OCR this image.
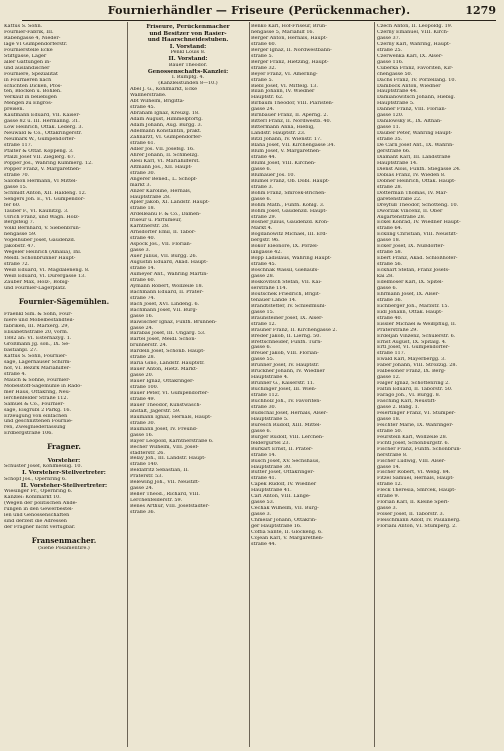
Fournierhändler — Friseure (Perückenmacher).	1279

Kattus S. Sohn.

Fournier-Fabrik, III.

Rabengasse 4, Nieder-

lage VI Gumpendorferstr.

Fournierstelle Ecke

Stiftgasse, Lager

aller Gattungen in-

und ausländischer

Fourniere, Spezialität

in Fournieren nach

schichten Dicken, Pfos-

ten, Blöcken u. Bohlen.

Verkauf in beliebigen

Mengen zu Engros-

preisen.

Kaufmann Eduard, VII. Kaiser-

gasse 82 u. III. Hermanng. 31.

Löw Heinrich, Ottak. Lederg. 3.

Neuwald & Co., Ottakringerstr.

Neumark W., Gumpendorfer-

straße 117.

Pfalter & Ottaf. Koppeng. 3.

Pfalzl Josef VII. Zieglerg. 67.

Popper Jos., Währing Kummerg. 12.

Popper Franz, V. Margarethen-

straße 70.

Salomon Hermann, VI Mittel-

gasse 15.

Schmidt Anton, XII. Haldeng. 12.

Sengers Joh. E., VI. Gumpendor-

fer 60.

Tauber F., VI. Kaunitzg. 3.

Ulrich Franz, und Wagn. Holz-

Bergsteig 7.

Völkl Bernhard, V. Siebenbrun-

nengasse 59.

Vogelhuber Josef, Gaudenzd.

Jakobstr. 47.

Wegeler Heinrich (Amalia), Ihl.

Meidl. Schönbrunner Haupt-

straße 72.

Weiß Eduard, VI. Magdaleneng. 8.

Weiß Eduard, VI. Dürergasse 13.

Zauber Max, Holz-, Böbig-

und Fournier-Lagerplatz.

Fournier-Sägemühlen.

Fraenkl Sim. & Sohn, Four-

niere und Möbelbestandteil-

fabriken, III. Marxerg. 29,

Elisabethstraße 20, vorm.

1882 an: VI. Esterházyg. 1.

Großmann Jg. son., IX. Se-

bastianpl. 27.

Kattus S. Sohn, Fournier-

säge, Lagerhäuser Schirm-

hof, VI. Bezirk Mariahilfer-

straße 4.

Mauch & Söhne, Fournier-

Möbelstoff-Sägemühle in Rado-

mer Haus, Ottakring, Neu-

lerchenfelder Straße 112.

Samuel & Co., Fournier-

säge, Eisgrübl 2 Parkg. 16.

Erzeugung von einfachen

und geschnittenen Fournie-

ren, Zweigniederlassung

Erdbergstraße 106.

Fragner.

Vorsteher:

Schuster Josef, Kohlmessig. 10.

I. Vorsteher-Stellvertreter:

Schöpf Jos., Opernring 6.

II. Vorsteher-Stellvertreter:

Wiesinger Fr., Opernring 6.

Kanzlei: Kohlmarkt 10.

(Wegen der politischen Ände-

rungen in den Gewerbestel-

len und Genossenschaften

sind derzeit die Adressen

der Fragner nicht verfügbar.

Fransenmacher.

(Siehe Posamentire.)

Friseure, Perückenmacher

und Besitzer von Rasier-

und Haarschneidestuben.

I. Vorstand:

Penkl Louis 8.

II. Vorstand:

Bauer Theodor.

Genossenschafts-Kanzlei:

I. Rumpfg. 4.

(Kanzleistunden 8—10.)

Abel J. G., Kohlmarkt, Ecke

Wallnerstraße.

Abt Wilhelm, Brigitta-

straße 45.

Abraham Ignaz, Kreuzg. 18.

Adam August, Himmelpfortg.

Adam Johann, Aug. Burgg. 3.

Adelmann Konstantin, prakt.

Zahnarzt, VI. Gumpendorfer-

straße 61.

Adler Jos. VII. Josefsg. 16.

Ahrer Johann, II. Schmelzg.

Alesi Karl, VI. Mariahilferst.

Altmann Jos., XII. Haupt-

straße 30.

Angerer Bened., L. Schöpf-

markt 3.

Anzer Karoline, Hernals,

Hauptstraße 28.

Apler Jakob, XI. Landstr. Haupt-

straße 18.

Ardelleanu F. & Co., Damen-

friseur u. Parfümeur,

Kärntnerstr. 28.

Arnsdorfer Emil, II. Tabor-

straße 40.

Aspöck Jos., VII. Florian-

gasse 3.

Auer Julius, VII. Burgg. 26.

Augustin Eduard, Akad. Haupt-

straße 14.

Aumeyer Ant., Währing Martin-

straße 60.

Aymann Robert, Wollzeile 18.

Bachmann Eduard, II. Prater-

straße 74.

Bach Josef, XVI. Lindeng. 6.

Bachmann Josef, VII. Burg-

gasse 16.

Baiwischer Ignaz, Fünfh. Brunnen-

gasse 24.

Barabás Josef, III. Ungarg. 53.

Bartel Josef, Meidl. Schön-

brunnerstr. 24.

Bardelli Josef, Schönb. Haupt-

straße 28.

Baria Gino, Landstr. Hauptstr.

Bauer Anton, Hietz. Markt-

gasse 20.

Bauer Ignaz, Ottakringer-

straße 100.

Bauer Peter, VI. Gumpendorfer-

straße 49.

Bauer Theodor, Kunstwasch-

anstalt, Jägerstr. 59.

Baumann Ignaz, Hernals, Haupt-

straße 30.

Baumann Josef, IV. Freund-

gasse 16.

Bayer Leopold, Kärntnerstraße 6.

Becher Wilhelm, VIII. Josef-

städterstr. 26.

Belay Joh., III. Landstr. Haupt-

straße 140.

Beldafritz Sebastian, II.

Praterstr. 53.

Belewing Joh., VII. Neustift-

gasse 24.

Beller Theod., Richard, VIII.

Lerchenfelderstr. 59.

Benes Arthur, VIII. Josefstädter-

straße 36.

Benko Karl, Hof-Friseur, Brun-

nengasse 5, Mariahilf 16.

Berger Anton, Hernals, Haupt-

straße 60.

Berger Ignaz, II. Nordwestbahn-

straße 5.

Berger Franz, Hietzing, Haupt-

straße 32.

Beyer Franz, VI. Amerling-

straße 5.

Biebl Josef, VI. Mittelg. 13.

Bilan Johann, IV. Wiedner

Hauptstr. 62.

Birbaum Theodor, VIII. Piaristen-

gasse 24.

Birnbauer Franz, II. Aperng. 2.

Bitterl Franz, II. Nordwestb. 40.

Bittermann Anna, Hiebig,

Landstr. Hauptstr. 23.

Bitzl Johann, IV. Wienstr. 17.

Blaha Josef, VII. Kirchengasse 34.

Blum Josef, V. Margarethen-

straße 44.

Bluml Josef, VIII. Kirchen-

gasse 6.

Blumauer Jos. 10.

Blümel Franz, Ob. Döbl. Haupt-

straße 3.

Böhm Franz, Smrcek-Brichen-

gasse 6.

Böhm Math., Fünfh. Kohlg. 3.

Böhm Josef, Gaudenzd. Haupt-

straße 29.

Bösner Julius, Gaudenzd. Kron-

Markt 4.

Bogdanowitz Michael, III. Erd-

bergstr. 96.

Bokor Eleonore, IX. Porzel-

langasse 42.

Bopp Ladislaus, Währing Haupt-

straße 45.

Boschnak Wassil, Gießaufs-

gasse 28.

Boskovitsch Stefan, VII. Kai-

serstraße 114.

Boutschek Friedrich, Brigit-

tenauer Lände 14.

Brandtstetter, IV. Schleifmühl-

gasse 15.

Braunsteiner Josef, IX. Alser-

straße 12.

Brauner Franz, II. Kirchengasse 2.

Breder Jakob, II. Lierng. 50.

Brettschneider, Fünfh. Turn-

gasse 6.

Breuer Jakob, VIII. Florian-

gasse 55.

Brunner Josef, IV. Hauptstr.

Bruckner Johann, IV. Wiedner

Hauptstraße 4.

Brunner G., Kaiserstr. 11.

Buchinger Josef, III. Wien-

straße 112.

Buchholz Joh., IV. Favoriten-

straße 30.

Budschal Josef, Hernals, Alser-

Hauptstraße 5.

Buresch Rudolf, XIII. Mittel-

gasse 6.

Bürger Rudolf, VIII. Lerchen-

feldergürtel 23.

Burkart Ernst, II. Prater-

straße 14.

Busch Josef, XV. Sechshaus,

Hauptstraße 30.

Butter Josef, Ottakringer-

straße 41.

Capek Rudolf, IV. Wiedner

Hauptstraße 41.

Carl Anton, VIII. Lange-

gasse 53.

Cechak Wilhelm, VII. Burg-

gasse 3.

Chmelar Johann, Ottakrin-

ger Hauptstraße 16.

Coffia Sante, II. Glockeng. 6.

Cojean Karl, V. Margarethen-

straße 44.

Czech Anton, II. Leopoldg. 19.

Czerny Emanuel, VIII. Kirch-

gasse 37.

Czerny Karl, Währing, Haupt-

straße 25.

Czerwenka Karl, IX. Alser-

gasse 116.

Cuberka Franz, Favoriten, Kir-

chengasse 50.

Dachs Franz, IV. Porzellang. 10.

Damböck Anton, Wiedner

Hauptstraße 44.

Damianowitsch Johann, Hiebig.

Hauptstraße 5.

Danner Franz, VIII. Florian-

gasse 120.

Danilowsky R., IX. Althan-

gasse 11.

Dauber Peter, Währing Haupt-

straße 35.

De Carli Josef Ant., IX. Währin-

gerstraße 66.

Diamant Karl, III. Landstraße

Hauptstraße 14.

Dienst Alois, Fünfh. Stiegasse 24.

Dobias Franz, IV. Wieden 8.

Dobner Heinrich, Ottak. Haupt-

straße 28.

Dotterman Thomas, IV. Mar-

garetenstraße 22.

Dreyfuß Theodor, Schotteng. 10.

Dworzak Vincenz, II. Ober

Augartenstraße 28.

Eckel Konrad, IV. Wiedner Haupt-

straße 64.

Eckling Christian, VIII. Neustift-

gasse 18.

Ecker Josef, IX. Nußdorfer-

straße 58.

Ebert Franz, Akad. Schloßhofer-

straße 56.

Eckhart Stefan, Franz Josefs-

kai 28.

Edelmoser Karl, IX. Spitel-

gasse 6.

Ehrmann Josef, IX. Alser-

straße 36.

Eichberger Joh., Märzstr. 15.

Eidl Johann, Ottak. Haupt-

straße 40.

Eissler Michael & Weißpflug, II.

Praterstraße 29.

Erdeljan Vinzenz, Schulerstr. 6.

Ernst August, IX. Spitalg. 4.

Ertl Josef, VI. Gumpendorfer-

straße 117.

Ewald Karl, Mayerbergg. 3.

Faber Johann, VIII. Strozzig. 28.

Falbesoner Franz, IX. Berg-

gasse 12.

Falger Ignaz, Schottenring 2.

Faltin Eduard, II. Taborstr. 50.

Farago Joh., VI. Burgg. 8.

Fasching Karl, Neustift-

gasse 2. Babg. 1.

Feiertinger Franz, VI. Stumper-

gasse 18.

Feichter Marie, IX. Währinger-

straße 50.

Feurstein Karl, Wollzeile 28.

Fichtl Josef, Schönburgstr. 6.

Fischer Franz, Fünfh. Schönbrun-

nerstraße 8.

Fischer Ludwig, VIII. Alser-

gasse 14.

Fischer Robert, VI. Webg. 84.

Fitzel Samuel, Hernals, Haupt-

straße 12.

Fleck Theresia, Smrcek, Haupt-

straße 9.

Florian Karl, II. Kleine Sperl-

gasse 3.

Fölser Josef, II. Taborstr. 3.

Fleischmann Adolf, IV. Paulanerg.

Floriani Anton, VI. Stumperg. 2.
